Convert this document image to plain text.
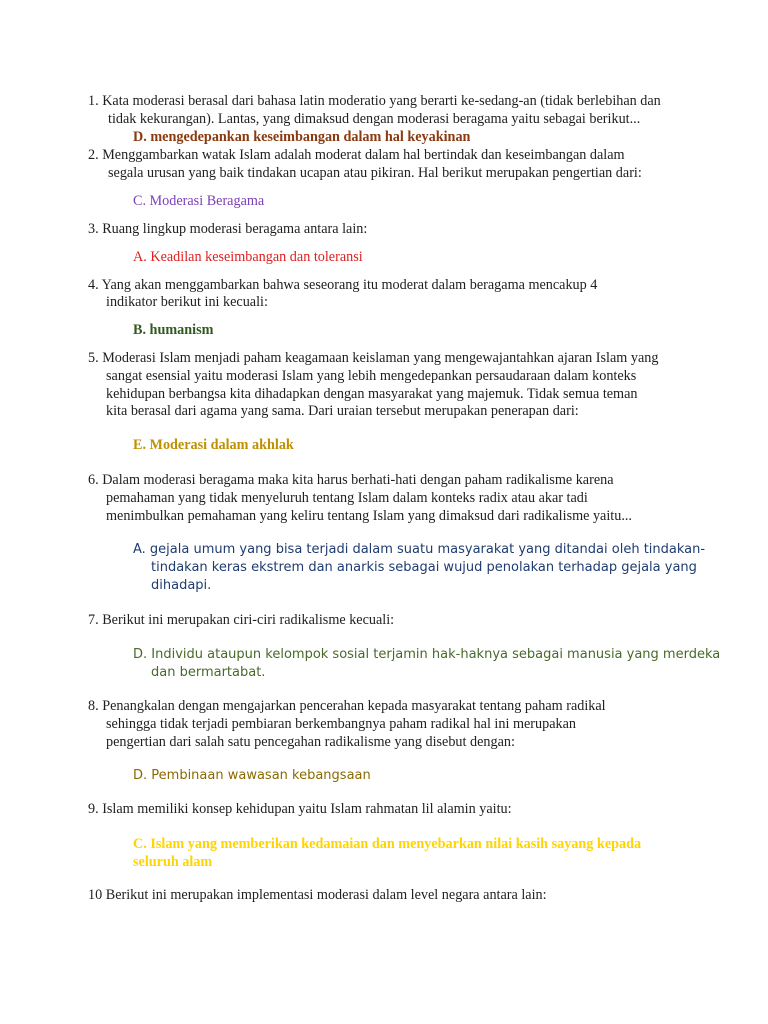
1. Kata moderasi berasal dari bahasa latin moderatio yang berarti ke-sedang-an (tidak berlebihan dan
tidak kekurangan). Lantas, yang dimaksud dengan moderasi beragama yaitu sebagai berikut...
D. mengedepankan keseimbangan dalam hal keyakinan
2. Menggambarkan watak Islam adalah moderat dalam hal bertindak dan keseimbangan dalam
segala urusan yang baik tindakan ucapan atau pikiran. Hal berikut merupakan pengertian dari:
C. Moderasi Beragama
3. Ruang lingkup moderasi beragama antara lain:
A. Keadilan keseimbangan dan toleransi
4. Yang akan menggambarkan bahwa seseorang itu moderat dalam beragama mencakup 4
indikator berikut ini kecuali:
B. humanism
5. Moderasi Islam menjadi paham keagamaan keislaman yang mengewajantahkan ajaran Islam yang
sangat esensial yaitu moderasi Islam yang lebih mengedepankan persaudaraan dalam konteks
kehidupan berbangsa kita dihadapkan dengan masyarakat yang majemuk. Tidak semua teman
kita berasal dari agama yang sama. Dari uraian tersebut merupakan penerapan dari:
E. Moderasi dalam akhlak
6. Dalam moderasi beragama maka kita harus berhati-hati dengan paham radikalisme karena
pemahaman yang tidak menyeluruh tentang Islam dalam konteks radix atau akar tadi
menimbulkan pemahaman yang keliru tentang Islam yang dimaksud dari radikalisme yaitu...
A. gejala umum yang bisa terjadi dalam suatu masyarakat yang ditandai oleh tindakan-
tindakan keras ekstrem dan anarkis sebagai wujud penolakan terhadap gejala yang
dihadapi.
7. Berikut ini merupakan ciri-ciri radikalisme kecuali:
D. Individu ataupun kelompok sosial terjamin hak-haknya sebagai manusia yang merdeka
dan bermartabat.
8. Penangkalan dengan mengajarkan pencerahan kepada masyarakat tentang paham radikal
sehingga tidak terjadi pembiaran berkembangnya paham radikal hal ini merupakan
pengertian dari salah satu pencegahan radikalisme yang disebut dengan:
D. Pembinaan wawasan kebangsaan
9. Islam memiliki konsep kehidupan yaitu Islam rahmatan lil alamin yaitu:
C. Islam yang memberikan kedamaian dan menyebarkan nilai kasih sayang kepada
seluruh alam
10 Berikut ini merupakan implementasi moderasi dalam level negara antara lain:
